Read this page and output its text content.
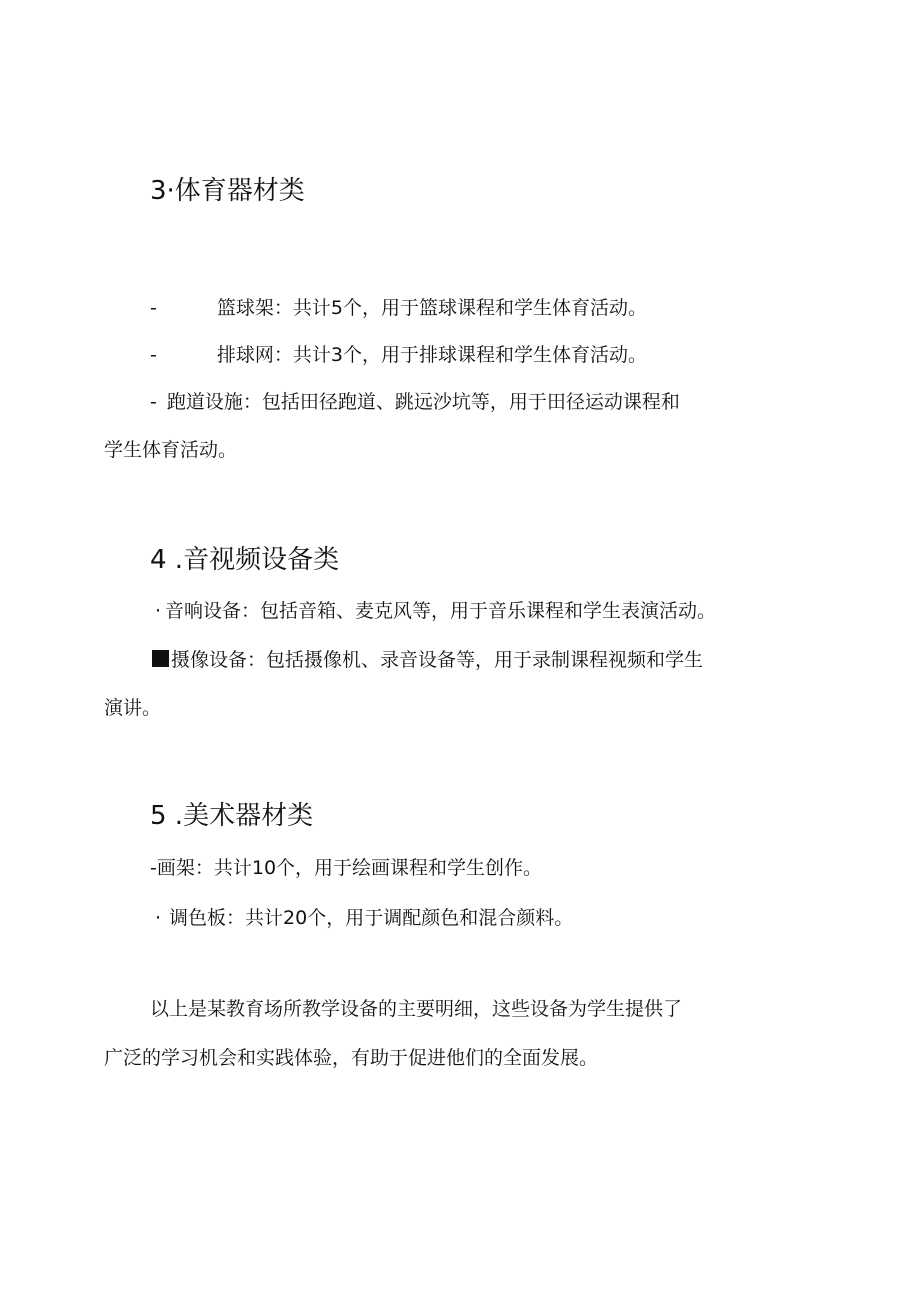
3·体育器材类

-	篮球架：共计5个，用于篮球课程和学生体育活动。

-	排球网：共计3个，用于排球课程和学生体育活动。

- 跑道设施：包括田径跑道、跳远沙坑等，用于田径运动课程和

学生体育活动。

4 .音视频设备类

· 音响设备：包括音箱、麦克风等，用于音乐课程和学生表演活动。

摄像设备：包括摄像机、录音设备等，用于录制课程视频和学生

演讲。

5 .美术器材类

-画架：共计10个，用于绘画课程和学生创作。

· 调色板：共计20个，用于调配颜色和混合颜料。

以上是某教育场所教学设备的主要明细，这些设备为学生提供了

广泛的学习机会和实践体验，有助于促进他们的全面发展。
